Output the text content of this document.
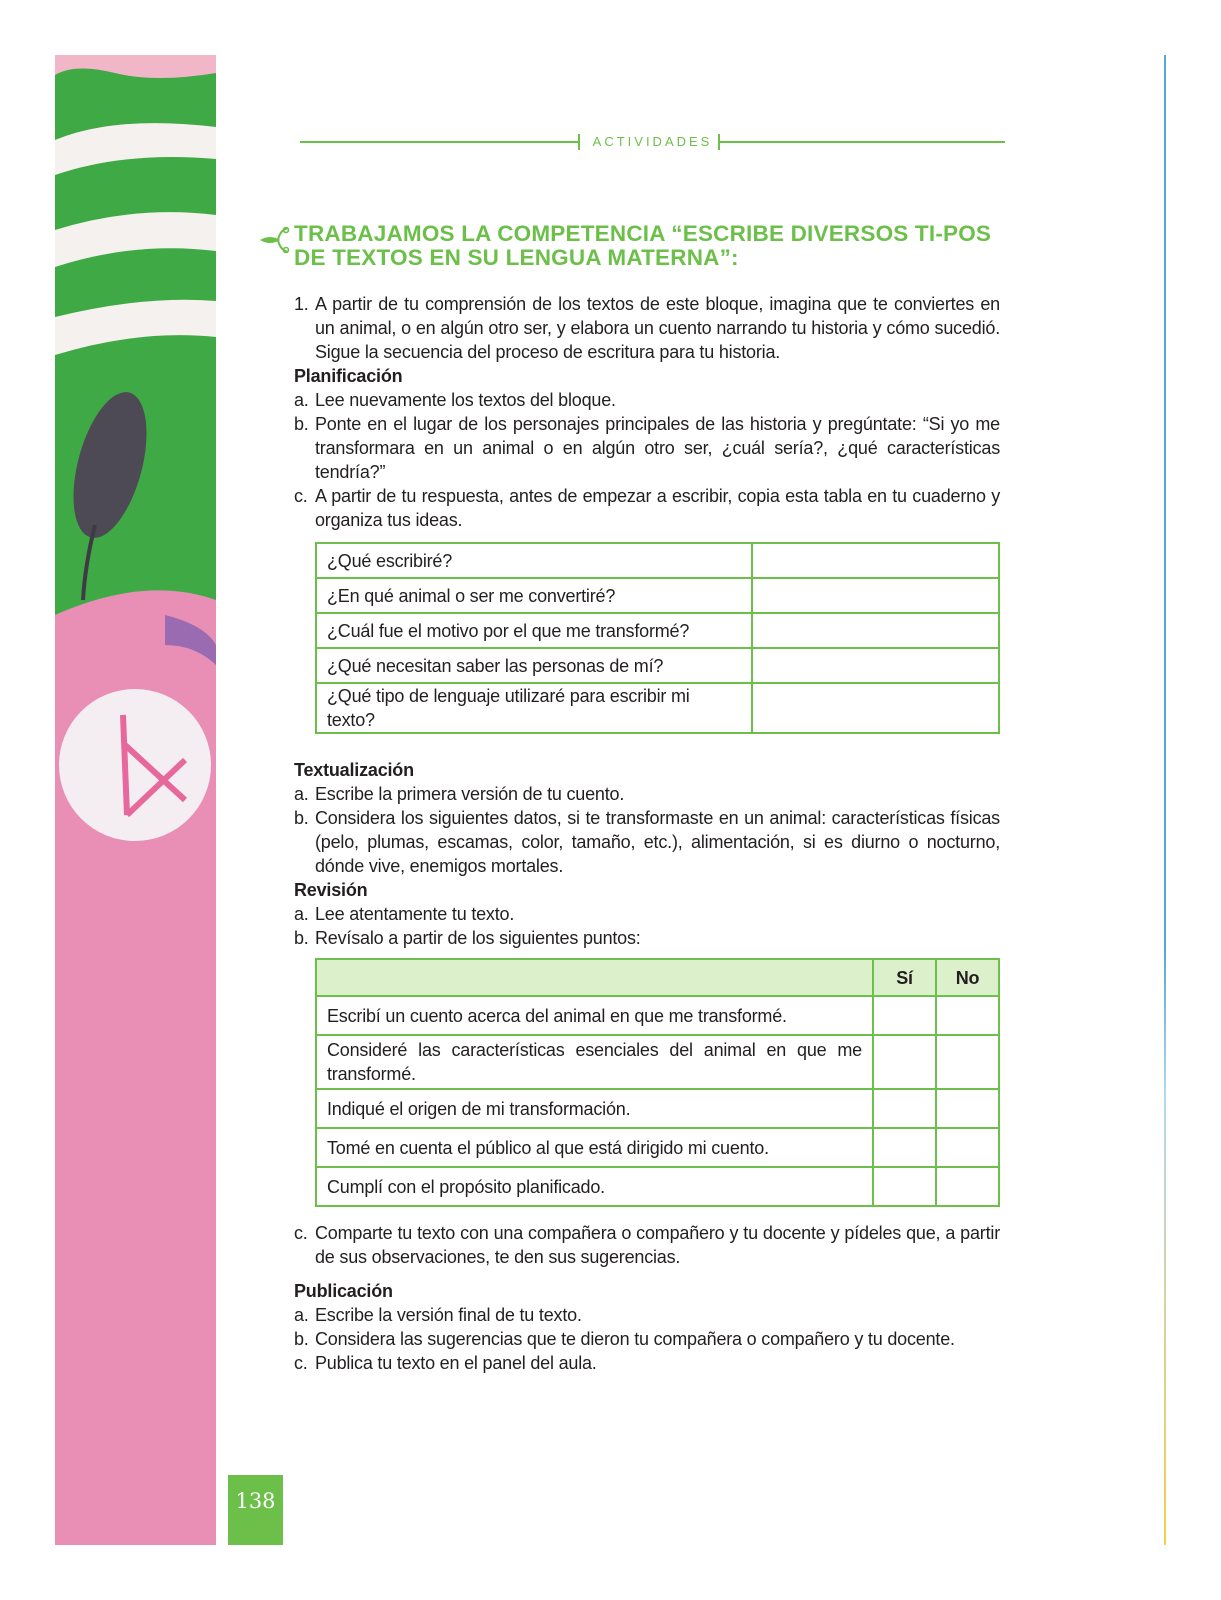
138
ACTIVIDADES
TRABAJAMOS LA COMPETENCIA “ESCRIBE DIVERSOS TI-POS DE TEXTOS EN SU LENGUA MATERNA”:
1. A partir de tu comprensión de los textos de este bloque, imagina que te conviertes en un animal, o en algún otro ser, y elabora un cuento narrando tu historia y cómo sucedió. Sigue la secuencia del proceso de escritura para tu historia.
Planificación
a. Lee nuevamente los textos del bloque.
b. Ponte en el lugar de los personajes principales de las historia y pregúntate: “Si yo me transformara en un animal o en algún otro ser, ¿cuál sería?, ¿qué características tendría?”
c. A partir de tu respuesta, antes de empezar a escribir, copia esta tabla en tu cuaderno y organiza tus ideas.
¿Qué escribiré?	
¿En qué animal o ser me convertiré?	
¿Cuál fue el motivo por el que me transformé?	
¿Qué necesitan saber las personas de mí?	
¿Qué tipo de lenguaje utilizaré para escribir mi texto?	
Textualización
a. Escribe la primera versión de tu cuento.
b. Considera los siguientes datos, si te transformaste en un animal: características físicas (pelo, plumas, escamas, color, tamaño, etc.), alimentación, si es diurno o nocturno, dónde vive, enemigos mortales.
Revisión
a. Lee atentamente tu texto.
b. Revísalo a partir de los siguientes puntos:
	Sí	No
Escribí un cuento acerca del animal en que me transformé.		
Consideré las características esenciales del animal en que me transformé.		
Indiqué el origen de mi transformación.		
Tomé en cuenta el público al que está dirigido mi cuento.		
Cumplí con el propósito planificado.		
c. Comparte tu texto con una compañera o compañero y tu docente y pídeles que, a partir de sus observaciones, te den sus sugerencias.
Publicación
a. Escribe la versión final de tu texto.
b. Considera las sugerencias que te dieron tu compañera o compañero y tu docente.
c. Publica tu texto en el panel del aula.
